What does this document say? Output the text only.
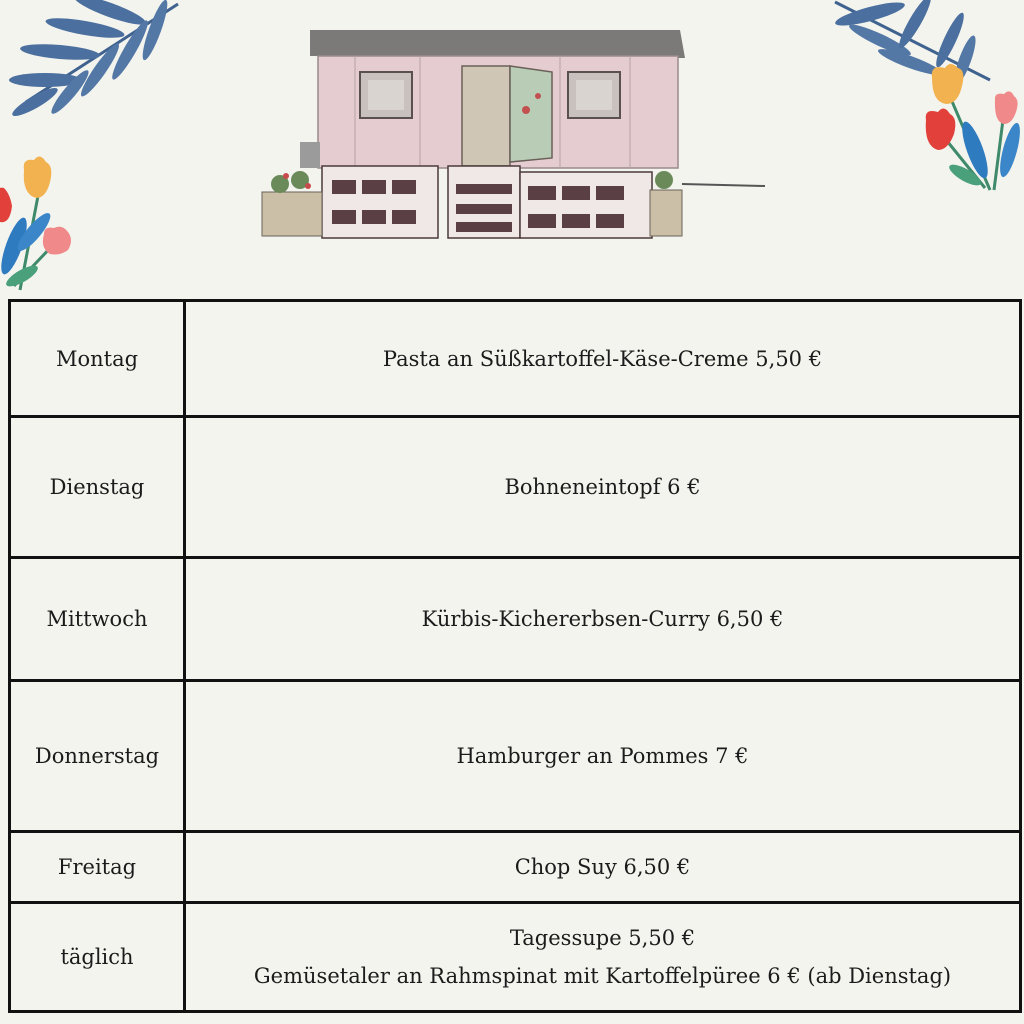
Montag	Pasta an Süßkartoffel-Käse-Creme 5,50 €

Dienstag	Bohneneintopf 6 €

Mittwoch	Kürbis-Kichererbsen-Curry 6,50 €

Donnerstag	Hamburger an Pommes 7 €

Freitag	Chop Suy 6,50 €

täglich	Tagessupe 5,50 €
Gemüsetaler an Rahmspinat mit Kartoffelpüree 6 € (ab Dienstag)
